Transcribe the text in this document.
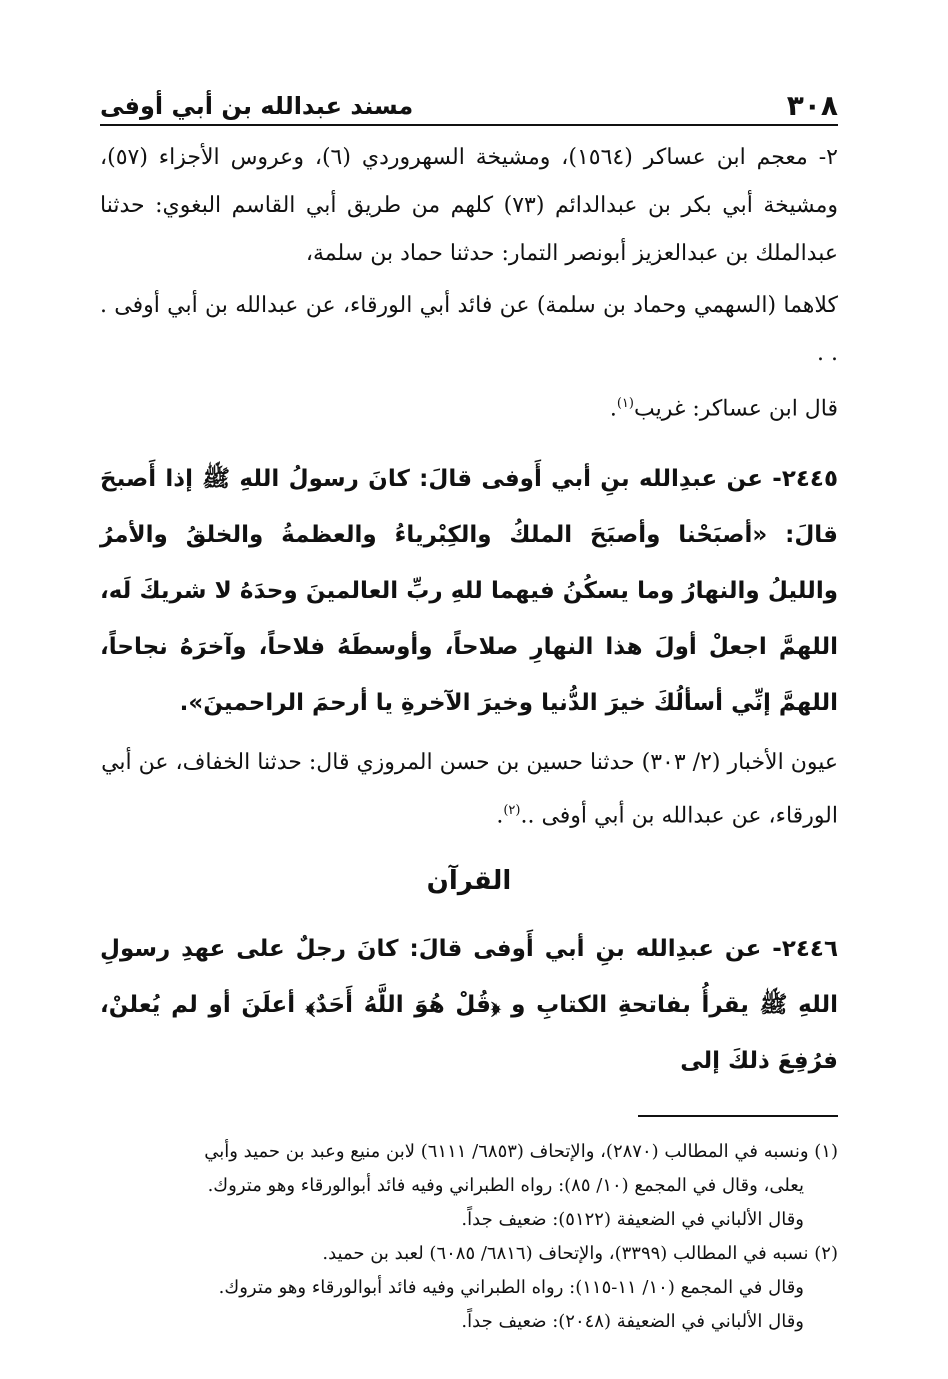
٣٠٨
مسند عبدالله بن أبي أوفى

٢- معجم ابن عساكر (١٥٦٤)، ومشيخة السهروردي (٦)، وعروس الأجزاء (٥٧)، ومشيخة أبي بكر بن عبدالدائم (٧٣) كلهم من طريق أبي القاسم البغوي: حدثنا عبدالملك بن عبدالعزيز أبونصر التمار: حدثنا حماد بن سلمة،

كلاهما (السهمي وحماد بن سلمة) عن فائد أبي الورقاء، عن عبدالله بن أبي أوفى . . .

قال ابن عساكر: غريب$^{(١)}$.

٢٤٤٥- عن عبدِالله بنِ أبي أَوفى قالَ: كانَ رسولُ اللهِ ﷺ إذا أَصبحَ قالَ: «أصبَحْنا وأصبَحَ الملكُ والكِبْرياءُ والعظمةُ والخلقُ والأمرُ والليلُ والنهارُ وما يسكُنُ فيهما للهِ ربِّ العالمينَ وحدَهُ لا شريكَ لَه، اللهمَّ اجعلْ أولَ هذا النهارِ صلاحاً، وأوسطَهُ فلاحاً، وآخرَهُ نجاحاً، اللهمَّ إنِّي أسألُكَ خيرَ الدُّنيا وخيرَ الآخرةِ يا أرحمَ الراحمينَ».

عيون الأخبار (٢/ ٣٠٣) حدثنا حسين بن حسن المروزي قال: حدثنا الخفاف، عن أبي الورقاء، عن عبدالله بن أبي أوفى ..$^{(٢)}$.

القرآن

٢٤٤٦- عن عبدِالله بنِ أبي أَوفى قالَ: كانَ رجلٌ على عهدِ رسولِ اللهِ ﷺ يقرأُ بفاتحةِ الكتابِ و ﴿قُلْ هُوَ اللَّهُ أَحَدٌ﴾ أعلَنَ أو لم يُعلنْ، فرُفِعَ ذلكَ إلى

(١) ونسبه في المطالب (٢٨٧٠)، والإتحاف (٦٨٥٣/ ٦١١١) لابن منيع وعبد بن حميد وأبي

يعلى، وقال في المجمع (١٠/ ٨٥): رواه الطبراني وفيه فائد أبوالورقاء وهو متروك.

وقال الألباني في الضعيفة (٥١٢٢): ضعيف جداً.

(٢) نسبه في المطالب (٣٣٩٩)، والإتحاف (٦٨١٦/ ٦٠٨٥) لعبد بن حميد.

وقال في المجمع (١٠/ ١١-١١٥): رواه الطبراني وفيه فائد أبوالورقاء وهو متروك.

وقال الألباني في الضعيفة (٢٠٤٨): ضعيف جداً.
